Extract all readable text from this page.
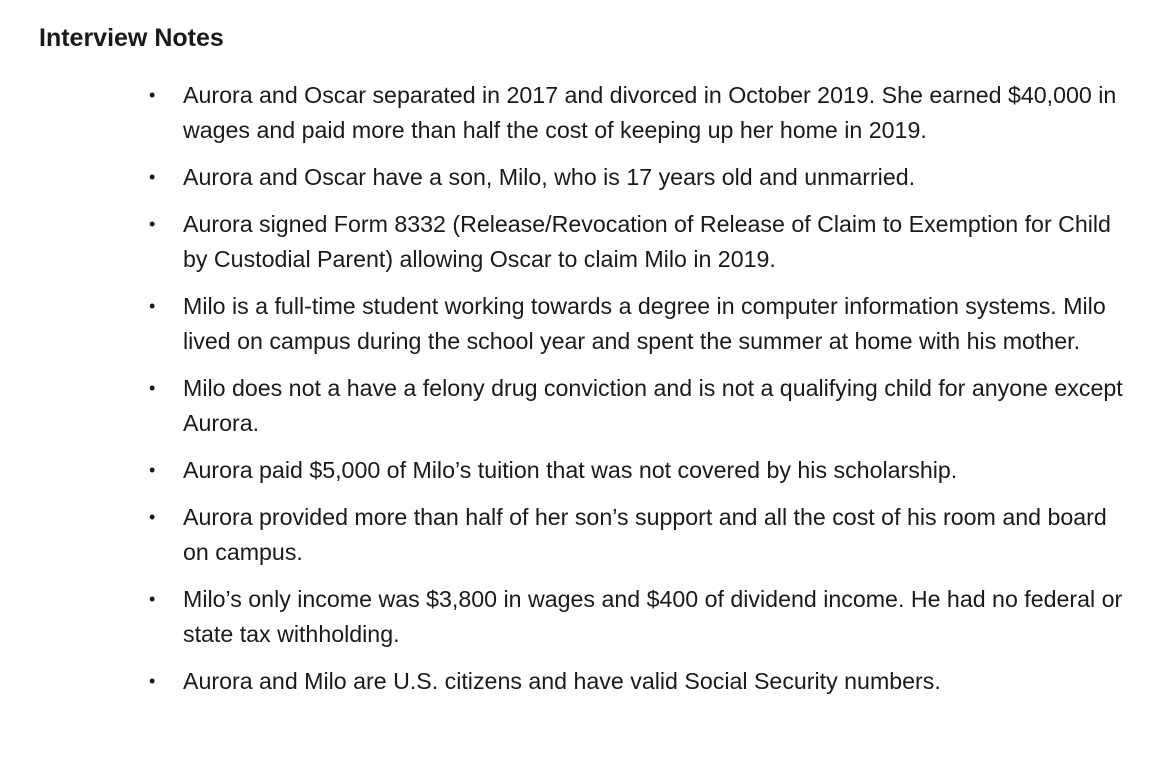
Interview Notes
• Aurora and Oscar separated in 2017 and divorced in October 2019. She earned $40,000 in wages and paid more than half the cost of keeping up her home in 2019.
• Aurora and Oscar have a son, Milo, who is 17 years old and unmarried.
• Aurora signed Form 8332 (Release/Revocation of Release of Claim to Exemption for Child by Custodial Parent) allowing Oscar to claim Milo in 2019.
• Milo is a full-time student working towards a degree in computer information systems. Milo lived on campus during the school year and spent the summer at home with his mother.
• Milo does not a have a felony drug conviction and is not a qualifying child for anyone except Aurora.
• Aurora paid $5,000 of Milo’s tuition that was not covered by his scholarship.
• Aurora provided more than half of her son’s support and all the cost of his room and board on campus.
• Milo’s only income was $3,800 in wages and $400 of dividend income. He had no federal or state tax withholding.
• Aurora and Milo are U.S. citizens and have valid Social Security numbers.
